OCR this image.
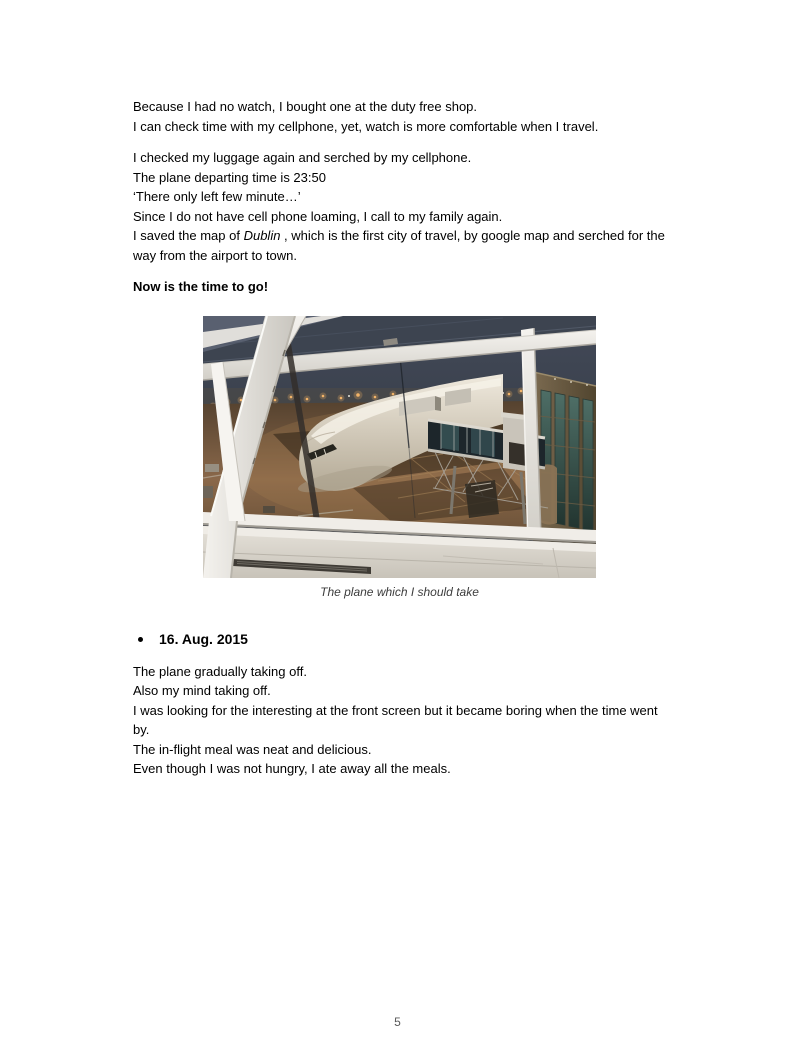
Because I had no watch, I bought one at the duty free shop.
I can check time with my cellphone, yet, watch is more comfortable when I travel.
I checked my luggage again and serched by my cellphone.
The plane departing time is 23:50
‘There only left few minute…’
Since I do not have cell phone loaming, I call to my family again.
I saved the map of Dublin , which is the first city of travel, by google map and serched for the way from the airport to town.
Now is the time to go!
The plane which I should take
16. Aug. 2015
The plane gradually taking off.
Also my mind taking off.
I was looking for the interesting at the front screen but it became boring when the time went by.
The in-flight meal was neat and delicious.
Even though I was not hungry, I ate away all the meals.
5
